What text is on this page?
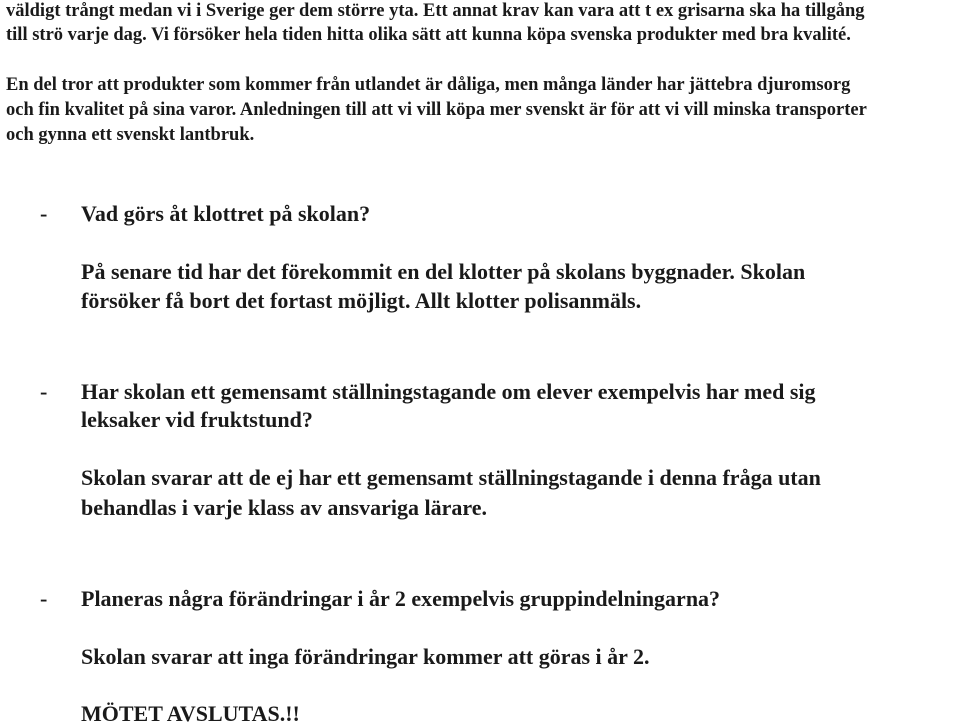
väldigt trångt medan vi i Sverige ger dem större yta. Ett annat krav kan vara att t ex grisarna ska ha tillgång
till strö varje dag. Vi försöker hela tiden hitta olika sätt att kunna köpa svenska produkter med bra kvalité.
En del tror att produkter som kommer från utlandet är dåliga, men många länder har jättebra djuromsorg
och fin kvalitet på sina varor. Anledningen till att vi vill köpa mer svenskt är för att vi vill minska transporter
och gynna ett svenskt lantbruk.
- Vad görs åt klottret på skolan?
På senare tid har det förekommit en del klotter på skolans byggnader. Skolan
försöker få bort det fortast möjligt. Allt klotter polisanmäls.
- Har skolan ett gemensamt ställningstagande om elever exempelvis har med sig
leksaker vid fruktstund?
Skolan svarar att de ej har ett gemensamt ställningstagande i denna fråga utan
behandlas i varje klass av ansvariga lärare.
- Planeras några förändringar i år 2 exempelvis gruppindelningarna?
Skolan svarar att inga förändringar kommer att göras i år 2.
MÖTET AVSLUTAS.!!
